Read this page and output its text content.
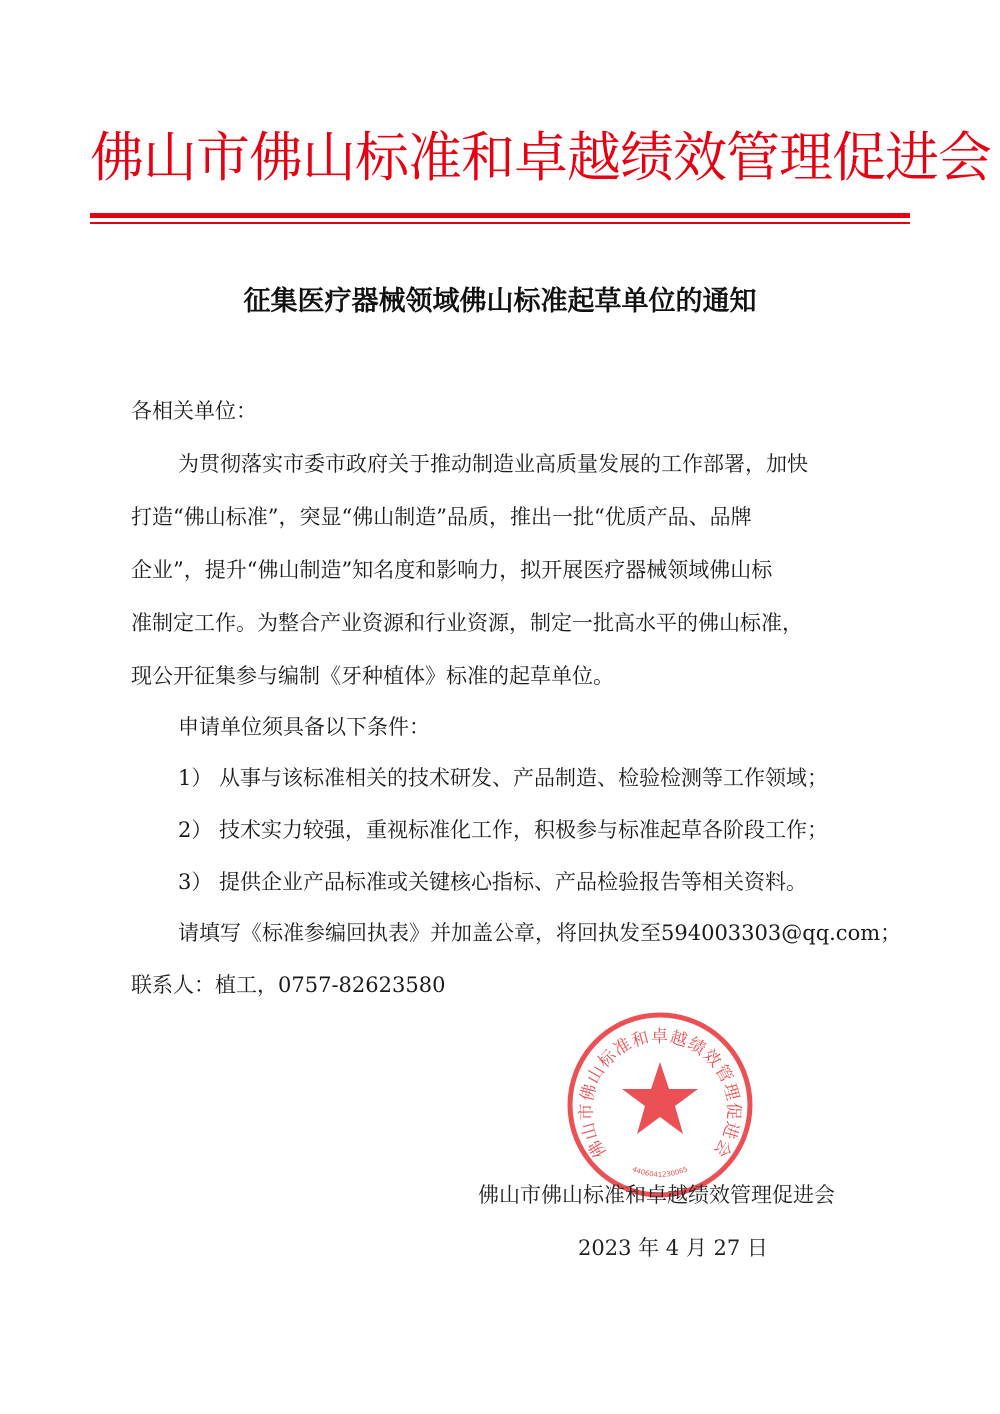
佛山市佛山标准和卓越绩效管理促进会
征集医疗器械领域佛山标准起草单位的通知
各相关单位：
为贯彻落实市委市政府关于推动制造业高质量发展的工作部署，加快
打造“佛山标准”，突显“佛山制造”品质，推出一批“优质产品、品牌
企业”，提升“佛山制造”知名度和影响力，拟开展医疗器械领域佛山标
准制定工作。为整合产业资源和行业资源，制定一批高水平的佛山标准，
现公开征集参与编制《牙种植体》标准的起草单位。
申请单位须具备以下条件：
1） 从事与该标准相关的技术研发、产品制造、检验检测等工作领域；
2） 技术实力较强，重视标准化工作，积极参与标准起草各阶段工作；
3） 提供企业产品标准或关键核心指标、产品检验报告等相关资料。
请填写《标准参编回执表》并加盖公章，将回执发至594003303@qq.com；
联系人：植工，0757-82623580
佛山市佛山标准和卓越绩效管理促进会
4406041230065
佛山市佛山标准和卓越绩效管理促进会
2023 年 4 月 27 日
